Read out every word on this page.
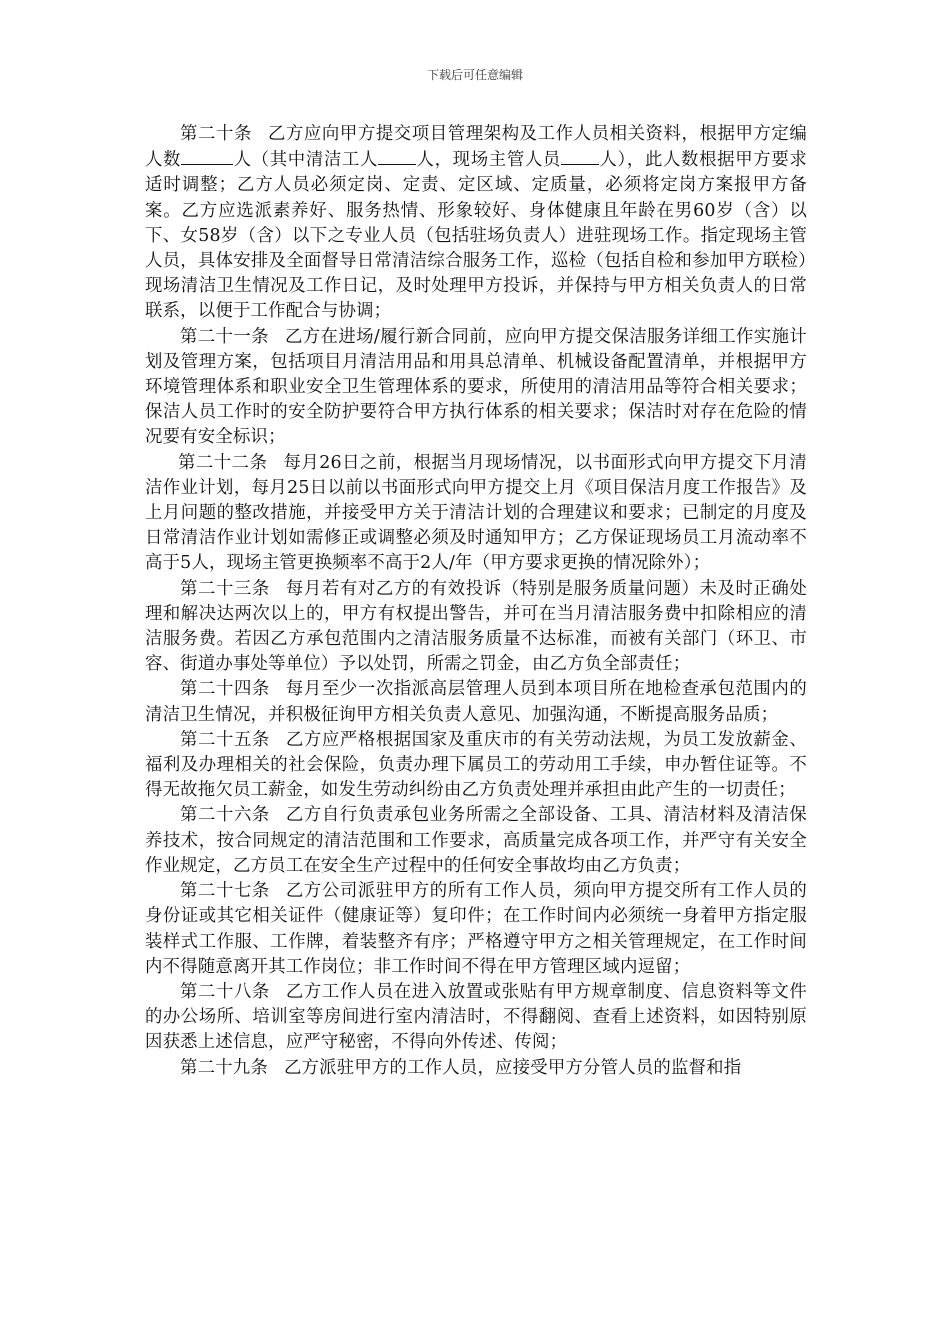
下载后可任意编辑

第二十条 乙方应向甲方提交项目管理架构及工作人员相关资料，根据甲方定编人数	人（其中清洁工人 人，现场主管人员 人），此人数根据甲方要求适时调整；乙方人员必须定岗、定责、定区域、定质量，必须将定岗方案报甲方备案。乙方应选派素养好、服务热情、形象较好、身体健康且年龄在男60岁（含）以下、女58岁（含）以下之专业人员（包括驻场负责人）进驻现场工作。指定现场主管人员，具体安排及全面督导日常清洁综合服务工作，巡检（包括自检和参加甲方联检）现场清洁卫生情况及工作日记，及时处理甲方投诉，并保持与甲方相关负责人的日常联系，以便于工作配合与协调；

第二十一条 乙方在进场/履行新合同前，应向甲方提交保洁服务详细工作实施计划及管理方案，包括项目月清洁用品和用具总清单、机械设备配置清单，并根据甲方环境管理体系和职业安全卫生管理体系的要求，所使用的清洁用品等符合相关要求；保洁人员工作时的安全防护要符合甲方执行体系的相关要求；保洁时对存在危险的情况要有安全标识；

第二十二条 每月26日之前，根据当月现场情况，以书面形式向甲方提交下月清洁作业计划，每月25日以前以书面形式向甲方提交上月《项目保洁月度工作报告》及上月问题的整改措施，并接受甲方关于清洁计划的合理建议和要求；已制定的月度及日常清洁作业计划如需修正或调整必须及时通知甲方；乙方保证现场员工月流动率不高于5人，现场主管更换频率不高于2人/年（甲方要求更换的情况除外）；

第二十三条 每月若有对乙方的有效投诉（特别是服务质量问题）未及时正确处理和解决达两次以上的，甲方有权提出警告，并可在当月清洁服务费中扣除相应的清洁服务费。若因乙方承包范围内之清洁服务质量不达标准，而被有关部门（环卫、市容、街道办事处等单位）予以处罚，所需之罚金，由乙方负全部责任；

第二十四条 每月至少一次指派高层管理人员到本项目所在地检查承包范围内的清洁卫生情况，并积极征询甲方相关负责人意见、加强沟通，不断提高服务品质；

第二十五条 乙方应严格根据国家及重庆市的有关劳动法规，为员工发放薪金、福利及办理相关的社会保险，负责办理下属员工的劳动用工手续，申办暂住证等。不得无故拖欠员工薪金，如发生劳动纠纷由乙方负责处理并承担由此产生的一切责任；

第二十六条 乙方自行负责承包业务所需之全部设备、工具、清洁材料及清洁保养技术，按合同规定的清洁范围和工作要求，高质量完成各项工作，并严守有关安全作业规定，乙方员工在安全生产过程中的任何安全事故均由乙方负责；

第二十七条 乙方公司派驻甲方的所有工作人员，须向甲方提交所有工作人员的身份证或其它相关证件（健康证等）复印件；在工作时间内必须统一身着甲方指定服装样式工作服、工作牌，着装整齐有序；严格遵守甲方之相关管理规定，在工作时间内不得随意离开其工作岗位；非工作时间不得在甲方管理区域内逗留；

第二十八条 乙方工作人员在进入放置或张贴有甲方规章制度、信息资料等文件的办公场所、培训室等房间进行室内清洁时，不得翻阅、查看上述资料，如因特别原因获悉上述信息，应严守秘密，不得向外传述、传阅；

第二十九条 乙方派驻甲方的工作人员，应接受甲方分管人员的监督和指
